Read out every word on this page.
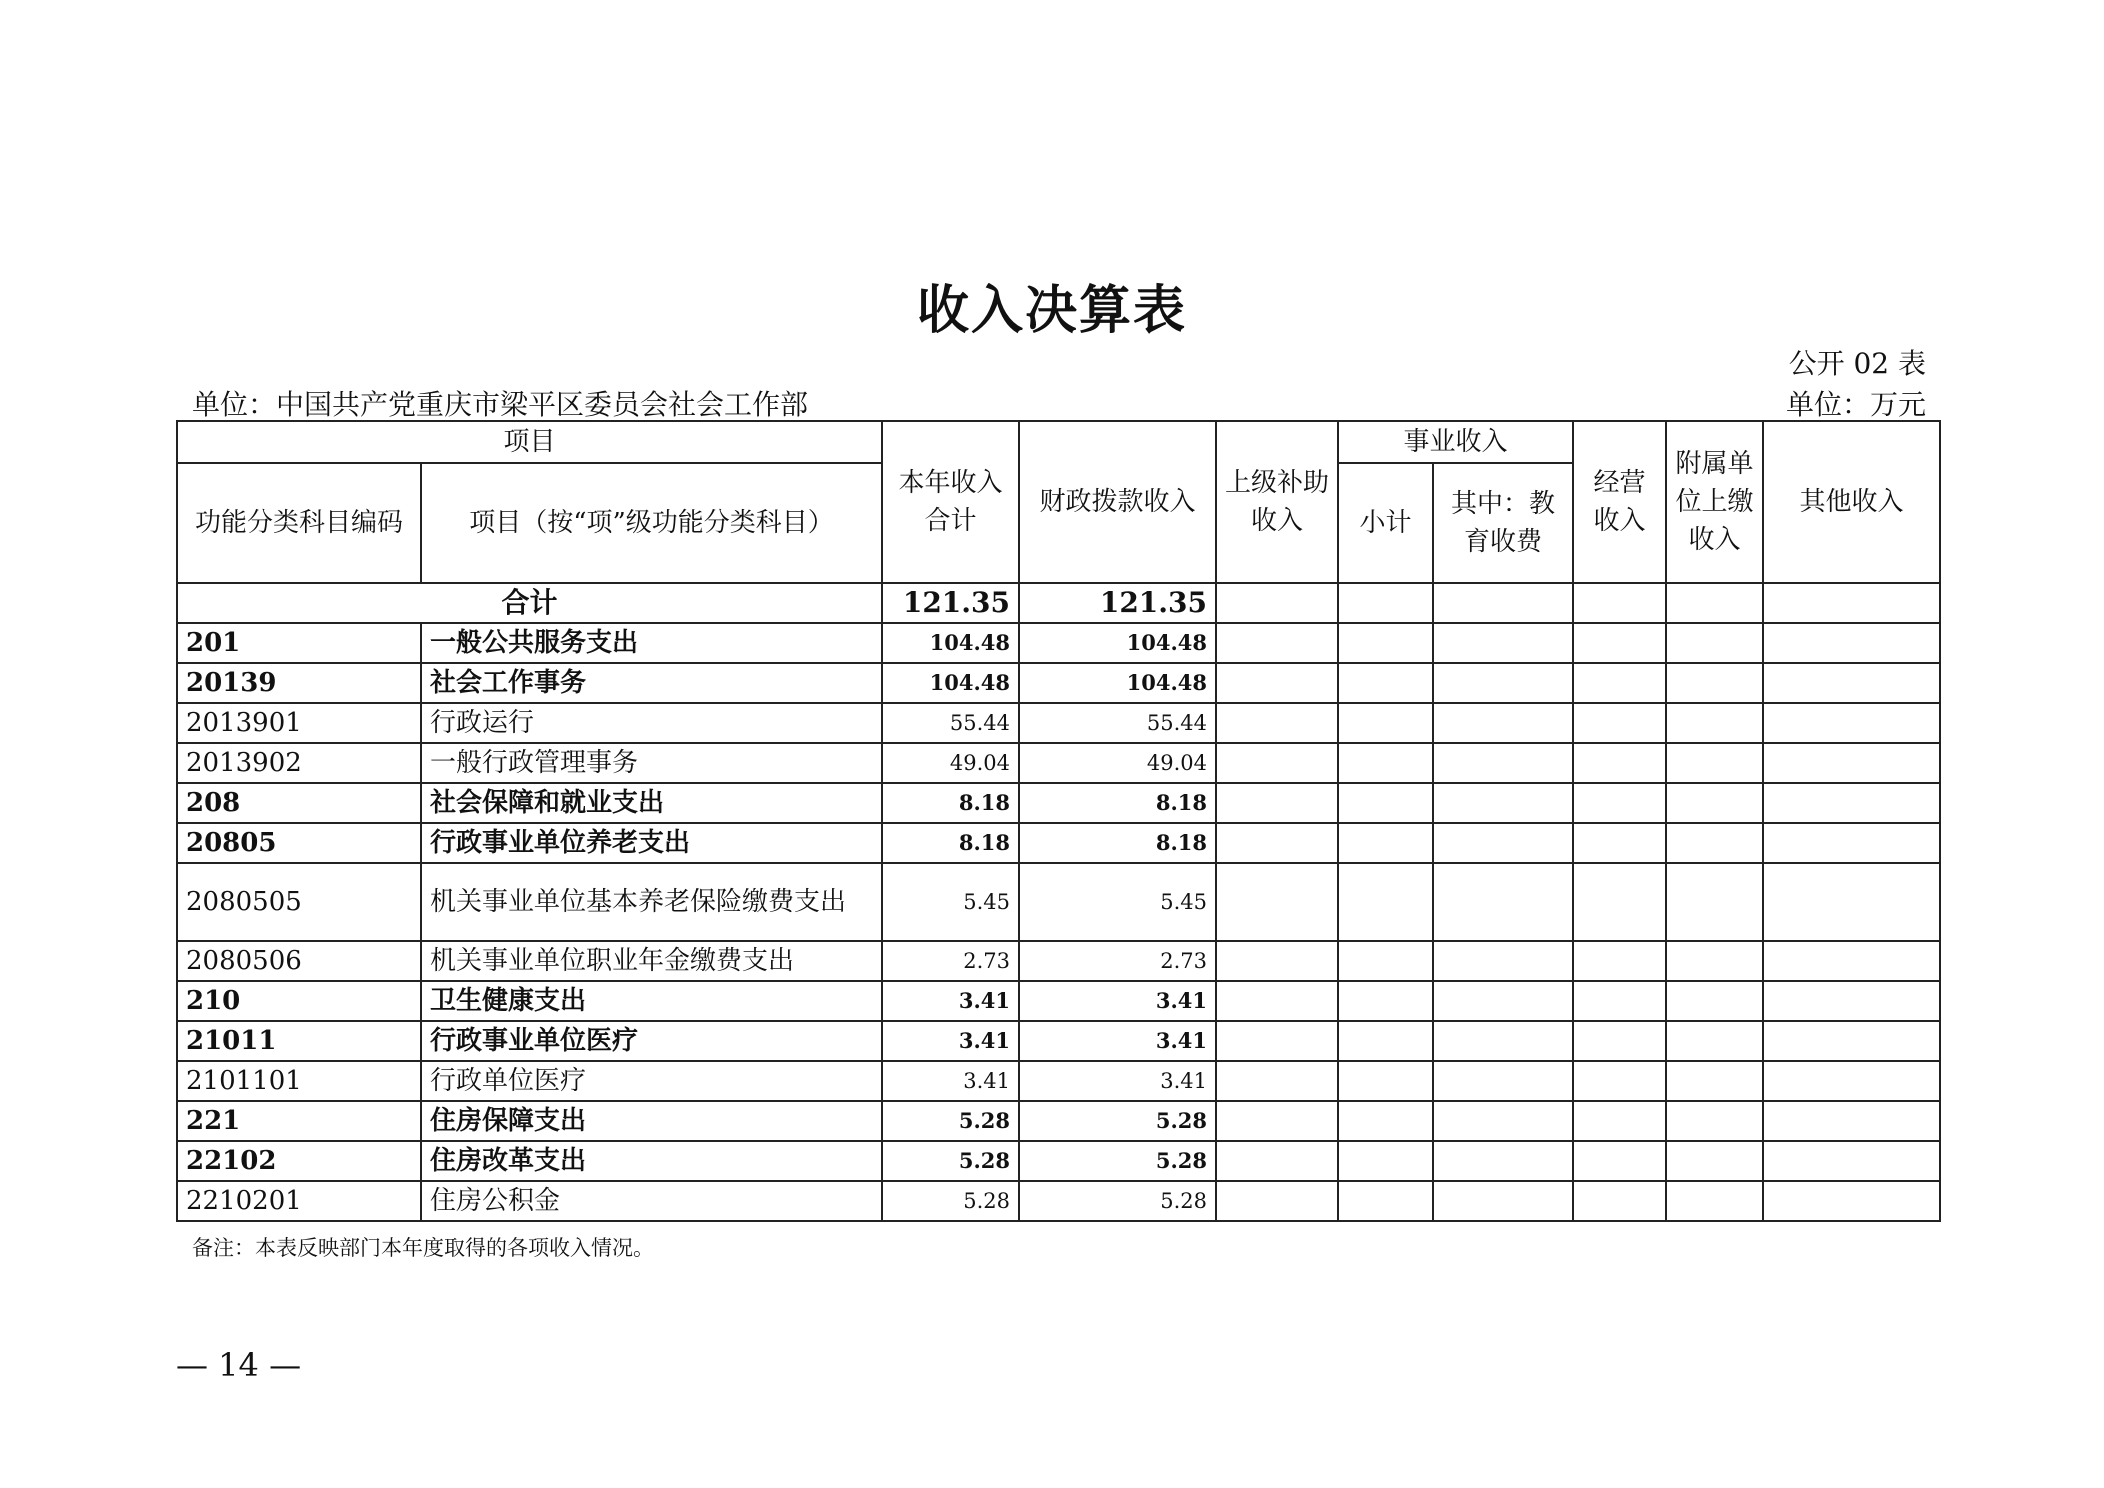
收入决算表
公开 02 表
单位：中国共产党重庆市梁平区委员会社会工作部	单位：万元
项目		本年收入合计	财政拨款收入	上级补助收入	事业收入		经营收入	附属单位上缴收入	其他收入
功能分类科目编码	项目（按“项”级功能分类科目）				小计	其中：教育收费			
合计		121.35	121.35						
201	一般公共服务支出	104.48	104.48						
20139	社会工作事务	104.48	104.48						
2013901	行政运行	55.44	55.44						
2013902	一般行政管理事务	49.04	49.04						
208	社会保障和就业支出	8.18	8.18						
20805	行政事业单位养老支出	8.18	8.18						
2080505	机关事业单位基本养老保险缴费支出	5.45	5.45						
2080506	机关事业单位职业年金缴费支出	2.73	2.73						
210	卫生健康支出	3.41	3.41						
21011	行政事业单位医疗	3.41	3.41						
2101101	行政单位医疗	3.41	3.41						
221	住房保障支出	5.28	5.28						
22102	住房改革支出	5.28	5.28						
2210201	住房公积金	5.28	5.28						
备注：本表反映部门本年度取得的各项收入情况。
— 14 —
